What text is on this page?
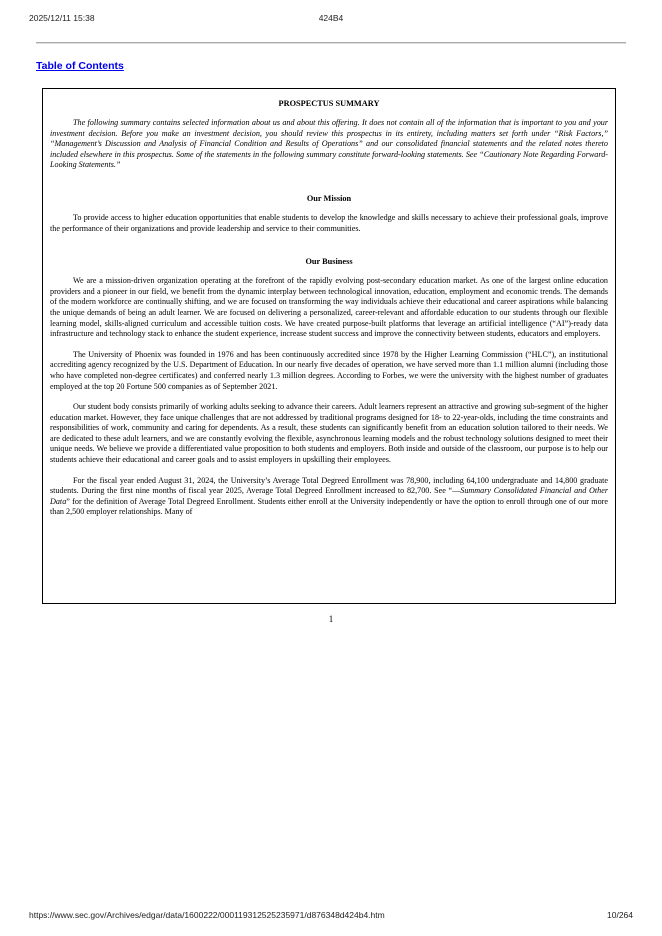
2025/12/11 15:38	424B4
Table of Contents
PROSPECTUS SUMMARY

The following summary contains selected information about us and about this offering. It does not contain all of the information that is important to you and your investment decision. Before you make an investment decision, you should review this prospectus in its entirety, including matters set forth under “Risk Factors,” “Management’s Discussion and Analysis of Financial Condition and Results of Operations” and our consolidated financial statements and the related notes thereto included elsewhere in this prospectus. Some of the statements in the following summary constitute forward-looking statements. See “Cautionary Note Regarding Forward-Looking Statements.”

Our Mission

To provide access to higher education opportunities that enable students to develop the knowledge and skills necessary to achieve their professional goals, improve the performance of their organizations and provide leadership and service to their communities.

Our Business

We are a mission-driven organization operating at the forefront of the rapidly evolving post-secondary education market. As one of the largest online education providers and a pioneer in our field, we benefit from the dynamic interplay between technological innovation, education, employment and economic trends. The demands of the modern workforce are continually shifting, and we are focused on transforming the way individuals achieve their educational and career aspirations while balancing the unique demands of being an adult learner. We are focused on delivering a personalized, career-relevant and affordable education to our students through our flexible learning model, skills-aligned curriculum and accessible tuition costs. We have created purpose-built platforms that leverage an artificial intelligence (“AI”)-ready data infrastructure and technology stack to enhance the student experience, increase student success and improve the connectivity between students, educators and employers.

The University of Phoenix was founded in 1976 and has been continuously accredited since 1978 by the Higher Learning Commission (“HLC”), an institutional accrediting agency recognized by the U.S. Department of Education. In our nearly five decades of operation, we have served more than 1.1 million alumni (including those who have completed non-degree certificates) and conferred nearly 1.3 million degrees. According to Forbes, we were the university with the highest number of graduates employed at the top 20 Fortune 500 companies as of September 2021.

Our student body consists primarily of working adults seeking to advance their careers. Adult learners represent an attractive and growing sub-segment of the higher education market. However, they face unique challenges that are not addressed by traditional programs designed for 18- to 22-year-olds, including the time constraints and responsibilities of work, community and caring for dependents. As a result, these students can significantly benefit from an education solution tailored to their needs. We are dedicated to these adult learners, and we are constantly evolving the flexible, asynchronous learning models and the robust technology solutions designed to meet their unique needs. We believe we provide a differentiated value proposition to both students and employers. Both inside and outside of the classroom, our purpose is to help our students achieve their educational and career goals and to assist employers in upskilling their employees.

For the fiscal year ended August 31, 2024, the University’s Average Total Degreed Enrollment was 78,900, including 64,100 undergraduate and 14,800 graduate students. During the first nine months of fiscal year 2025, Average Total Degreed Enrollment increased to 82,700. See “—Summary Consolidated Financial and Other Data” for the definition of Average Total Degreed Enrollment. Students either enroll at the University independently or have the option to enroll through one of our more than 2,500 employer relationships. Many of

1
https://www.sec.gov/Archives/edgar/data/1600222/000119312525235971/d876348d424b4.htm	10/264
